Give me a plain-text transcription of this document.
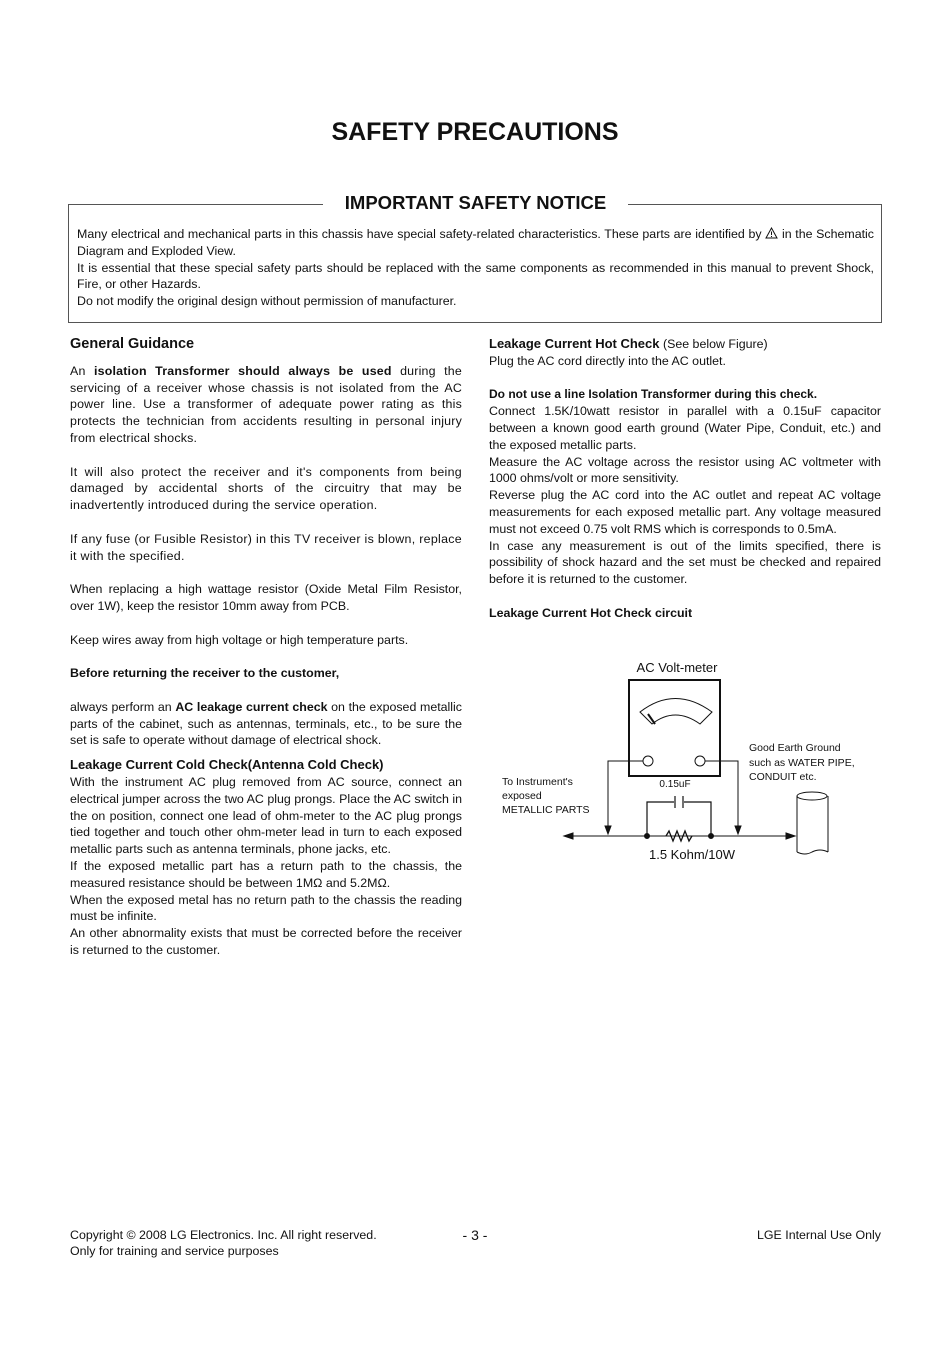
SAFETY PRECAUTIONS
IMPORTANT SAFETY NOTICE
Many electrical and mechanical parts in this chassis have special safety-related characteristics. These parts are identified by  in the Schematic Diagram and Exploded View.
It is essential that these special safety parts should be replaced with the same components as recommended in this manual to prevent Shock, Fire, or other Hazards.
Do not modify the original design without permission of manufacturer.

General Guidance

An isolation Transformer should always be used during the servicing of a receiver whose chassis is not isolated from the AC power line. Use a transformer of adequate power rating as this protects the technician from accidents resulting in personal injury from electrical shocks.

It will also protect the receiver and it's components from being damaged by accidental shorts of the circuitry that may be inadvertently introduced during the service operation.

If any fuse (or Fusible Resistor) in this TV receiver is blown, replace it with the specified.

When replacing a high wattage resistor (Oxide Metal Film Resistor, over 1W), keep the resistor 10mm away from PCB.

Keep wires away from high voltage or high temperature parts.

Before returning the receiver to the customer,

always perform an AC leakage current check on the exposed metallic parts of the cabinet, such as antennas, terminals, etc., to be sure the set is safe to operate without damage of electrical shock.

Leakage Current Cold Check(Antenna Cold Check)

With the instrument AC plug removed from AC source, connect an electrical jumper across the two AC plug prongs. Place the AC switch in the on position, connect one lead of ohm-meter to the AC plug prongs tied together and touch other ohm-meter lead in turn to each exposed metallic parts such as antenna terminals, phone jacks, etc.

If the exposed metallic part has a return path to the chassis, the measured resistance should be between 1MΩ and 5.2MΩ.

When the exposed metal has no return path to the chassis the reading must be infinite.

An other abnormality exists that must be corrected before the receiver is returned to the customer.

Leakage Current Hot Check (See below Figure)

Plug the AC cord directly into the AC outlet.

Do not use a line Isolation Transformer during this check.

Connect 1.5K/10watt resistor in parallel with a 0.15uF capacitor between a known good earth ground (Water Pipe, Conduit, etc.) and the exposed metallic parts.

Measure the AC voltage across the resistor using AC voltmeter with 1000 ohms/volt or more sensitivity.

Reverse plug the AC cord into the AC outlet and repeat AC voltage measurements for each exposed metallic part. Any voltage measured must not exceed 0.75 volt RMS which is corresponds to 0.5mA.

In case any measurement is out of the limits specified, there is possibility of shock hazard and the set must be checked and repaired before it is returned to the customer.

Leakage Current Hot Check circuit

AC Volt-meter
0.15uF
1.5 Kohm/10W
To Instrument's
exposed
METALLIC PARTS
Good Earth Ground
such as WATER PIPE,
CONDUIT etc.
Copyright © 2008 LG Electronics. Inc. All right reserved.
Only for training and service purposes
- 3 -	LGE Internal Use Only
